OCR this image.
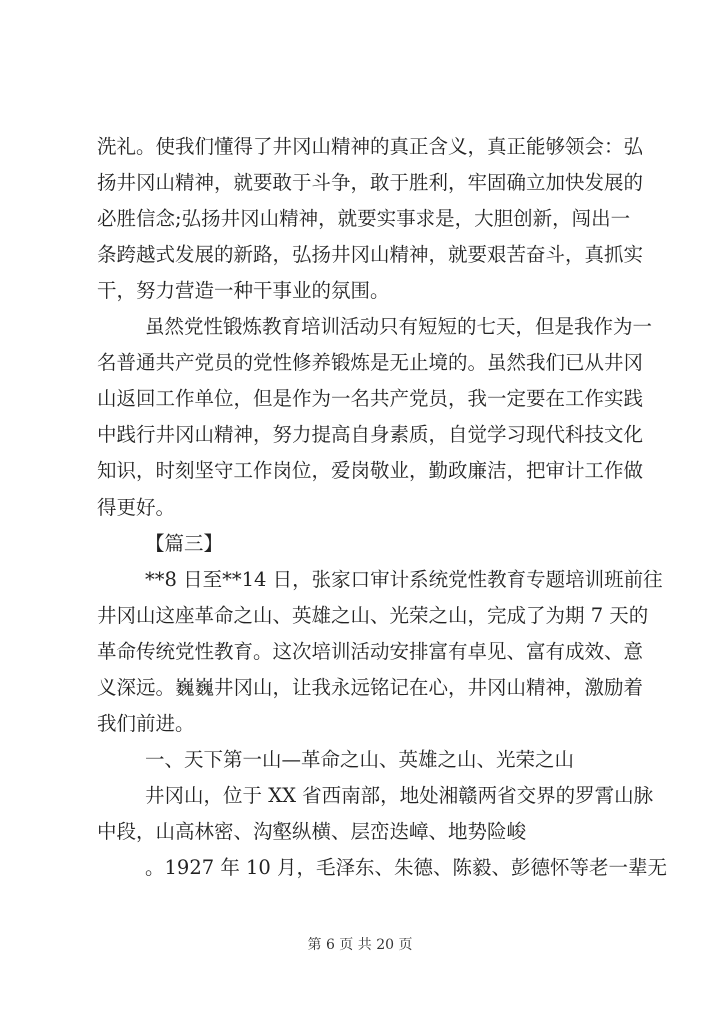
洗礼。使我们懂得了井冈山精神的真正含义，真正能够领会：弘
扬井冈山精神，就要敢于斗争，敢于胜利，牢固确立加快发展的
必胜信念;弘扬井冈山精神，就要实事求是，大胆创新，闯出一
条跨越式发展的新路，弘扬井冈山精神，就要艰苦奋斗，真抓实
干，努力营造一种干事业的氛围。
虽然党性锻炼教育培训活动只有短短的七天，但是我作为一
名普通共产党员的党性修养锻炼是无止境的。虽然我们已从井冈
山返回工作单位，但是作为一名共产党员，我一定要在工作实践
中践行井冈山精神，努力提高自身素质，自觉学习现代科技文化
知识，时刻坚守工作岗位，爱岗敬业，勤政廉洁，把审计工作做
得更好。
【篇三】
**8 日至**14 日，张家口审计系统党性教育专题培训班前往
井冈山这座革命之山、英雄之山、光荣之山，完成了为期 7 天的
革命传统党性教育。这次培训活动安排富有卓见、富有成效、意
义深远。巍巍井冈山，让我永远铭记在心，井冈山精神，激励着
我们前进。
一、天下第一山—革命之山、英雄之山、光荣之山
井冈山，位于 XX 省西南部，地处湘赣两省交界的罗霄山脉
中段，山高林密、沟壑纵横、层峦迭嶂、地势险峻
。1927 年 10 月，毛泽东、朱德、陈毅、彭德怀等老一辈无
第 6 页 共 20 页
